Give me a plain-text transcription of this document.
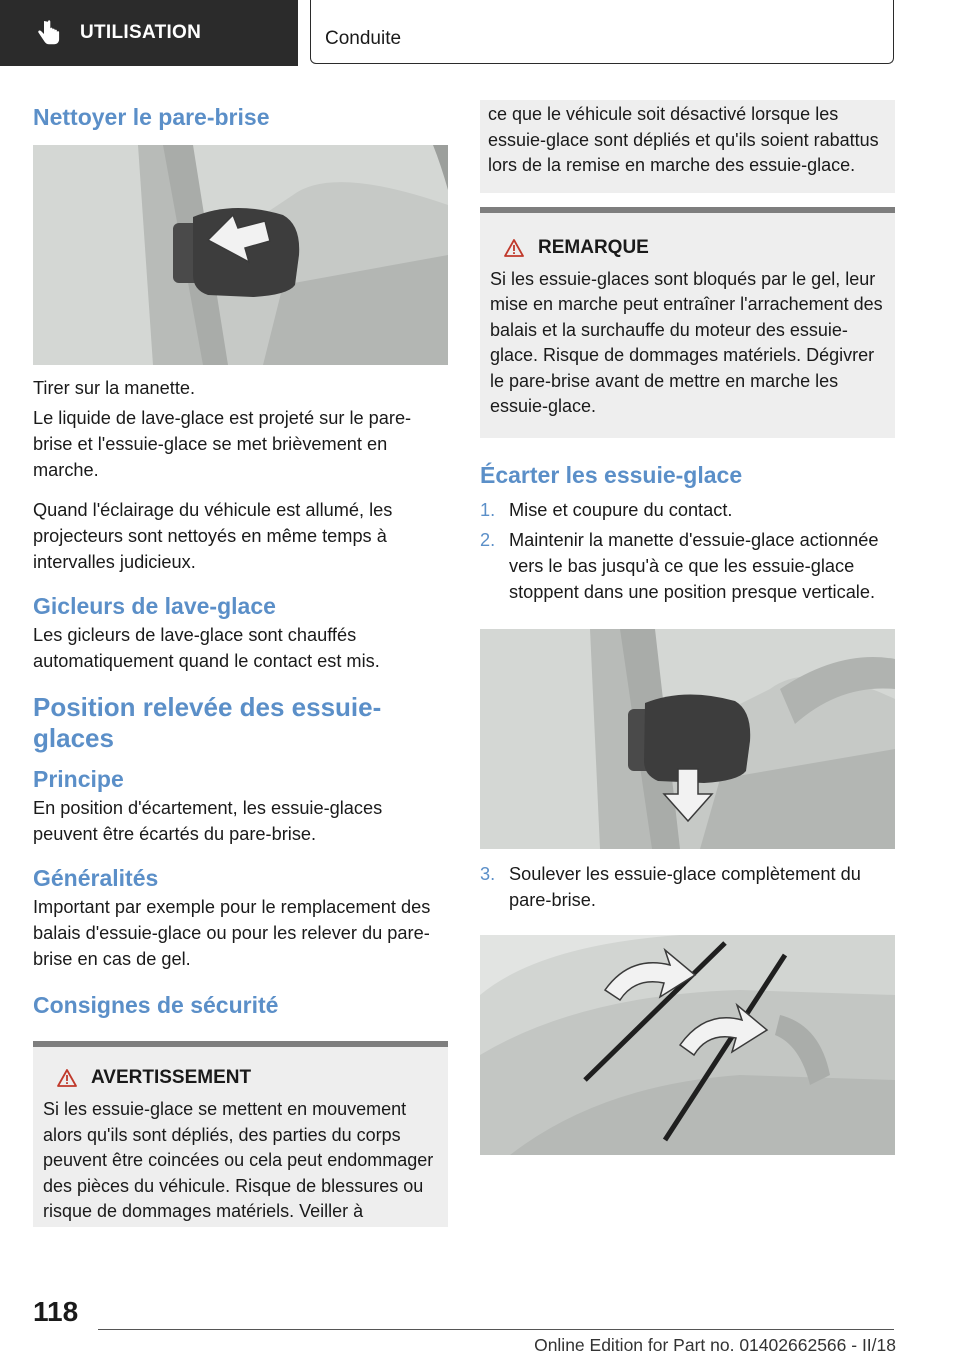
UTILISATION	Conduite
Nettoyer le pare-brise

Tirer sur la manette.

Le liquide de lave-glace est projeté sur le pare-brise et l'essuie-glace se met brièvement en marche.

Quand l'éclairage du véhicule est allumé, les projecteurs sont nettoyés en même temps à intervalles judicieux.

Gicleurs de lave-glace

Les gicleurs de lave-glace sont chauffés automatiquement quand le contact est mis.

Position relevée des essuie-glaces
Principe

En position d'écartement, les essuie-glaces peuvent être écartés du pare-brise.

Généralités

Important par exemple pour le remplacement des balais d'essuie-glace ou pour les relever du pare-brise en cas de gel.

Consignes de sécurité
AVERTISSEMENT

Si les essuie-glace se mettent en mouvement alors qu'ils sont dépliés, des parties du corps peuvent être coincées ou cela peut endommager des pièces du véhicule. Risque de blessures ou risque de dommages matériels. Veiller à

ce que le véhicule soit désactivé lorsque les essuie-glace sont dépliés et qu'ils soient rabattus lors de la remise en marche des essuie-glace.

REMARQUE

Si les essuie-glaces sont bloqués par le gel, leur mise en marche peut entraîner l'arrachement des balais et la surchauffe du moteur des essuie-glace. Risque de dommages matériels. Dégivrer le pare-brise avant de mettre en marche les essuie-glace.

Écarter les essuie-glace
1. Mise et coupure du contact.
2. Maintenir la manette d'essuie-glace actionnée vers le bas jusqu'à ce que les essuie-glace stoppent dans une position presque verticale.
3. Soulever les essuie-glace complètement du pare-brise.
118
Online Edition for Part no. 01402662566 - II/18
